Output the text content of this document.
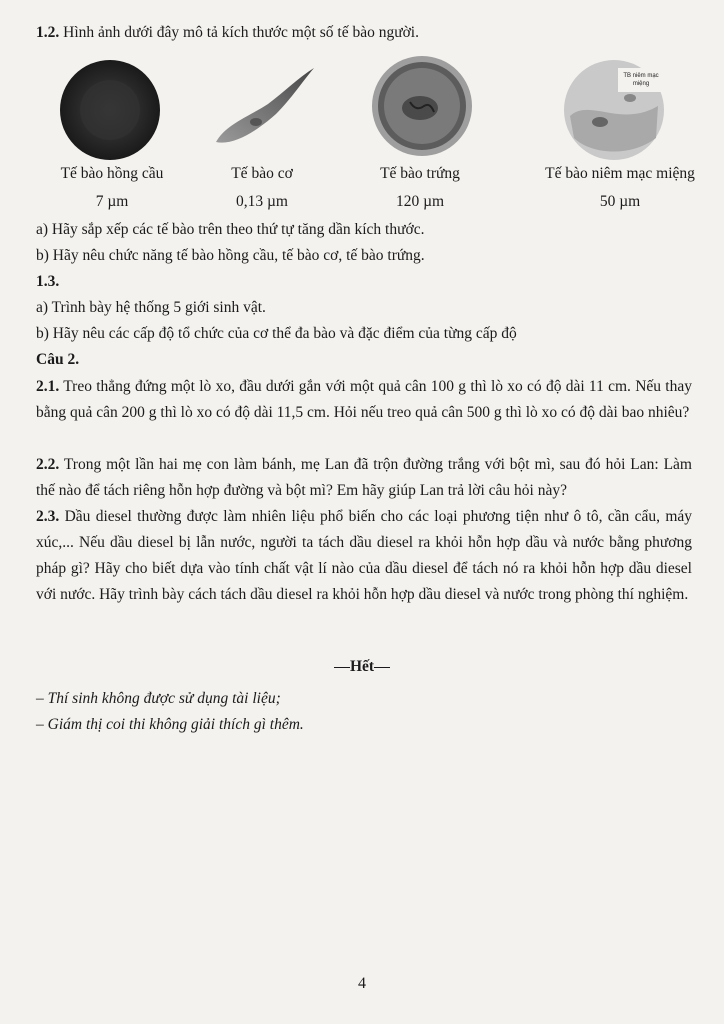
1.2. Hình ảnh dưới đây mô tả kích thước một số tế bào người.

TB niêm mạc
miệng
Tế bào hồng cầu	Tế bào cơ	Tế bào trứng	Tế bào niêm mạc miệng
7 µm	0,13 µm	120 µm	50 µm

a) Hãy sắp xếp các tế bào trên theo thứ tự tăng dần kích thước.

b) Hãy nêu chức năng tế bào hồng cầu, tế bào cơ, tế bào trứng.

1.3.

a) Trình bày hệ thống 5 giới sinh vật.

b) Hãy nêu các cấp độ tổ chức của cơ thể đa bào và đặc điểm của từng cấp độ

Câu 2.

2.1. Treo thẳng đứng một lò xo, đầu dưới gắn với một quả cân 100 g thì lò xo có độ dài 11 cm. Nếu thay bằng quả cân 200 g thì lò xo có độ dài 11,5 cm. Hỏi nếu treo quả cân 500 g thì lò xo có độ dài bao nhiêu?

2.2. Trong một lần hai mẹ con làm bánh, mẹ Lan đã trộn đường trắng với bột mì, sau đó hỏi Lan: Làm thế nào để tách riêng hỗn hợp đường và bột mì? Em hãy giúp Lan trả lời câu hỏi này?

2.3. Dầu diesel thường được làm nhiên liệu phổ biến cho các loại phương tiện như ô tô, cần cẩu, máy xúc,... Nếu dầu diesel bị lẫn nước, người ta tách dầu diesel ra khỏi hỗn hợp dầu và nước bằng phương pháp gì? Hãy cho biết dựa vào tính chất vật lí nào của dầu diesel để tách nó ra khỏi hỗn hợp dầu diesel với nước. Hãy trình bày cách tách dầu diesel ra khỏi hỗn hợp dầu diesel và nước trong phòng thí nghiệm.

Hết

– Thí sinh không được sử dụng tài liệu;

– Giám thị coi thi không giải thích gì thêm.

4
